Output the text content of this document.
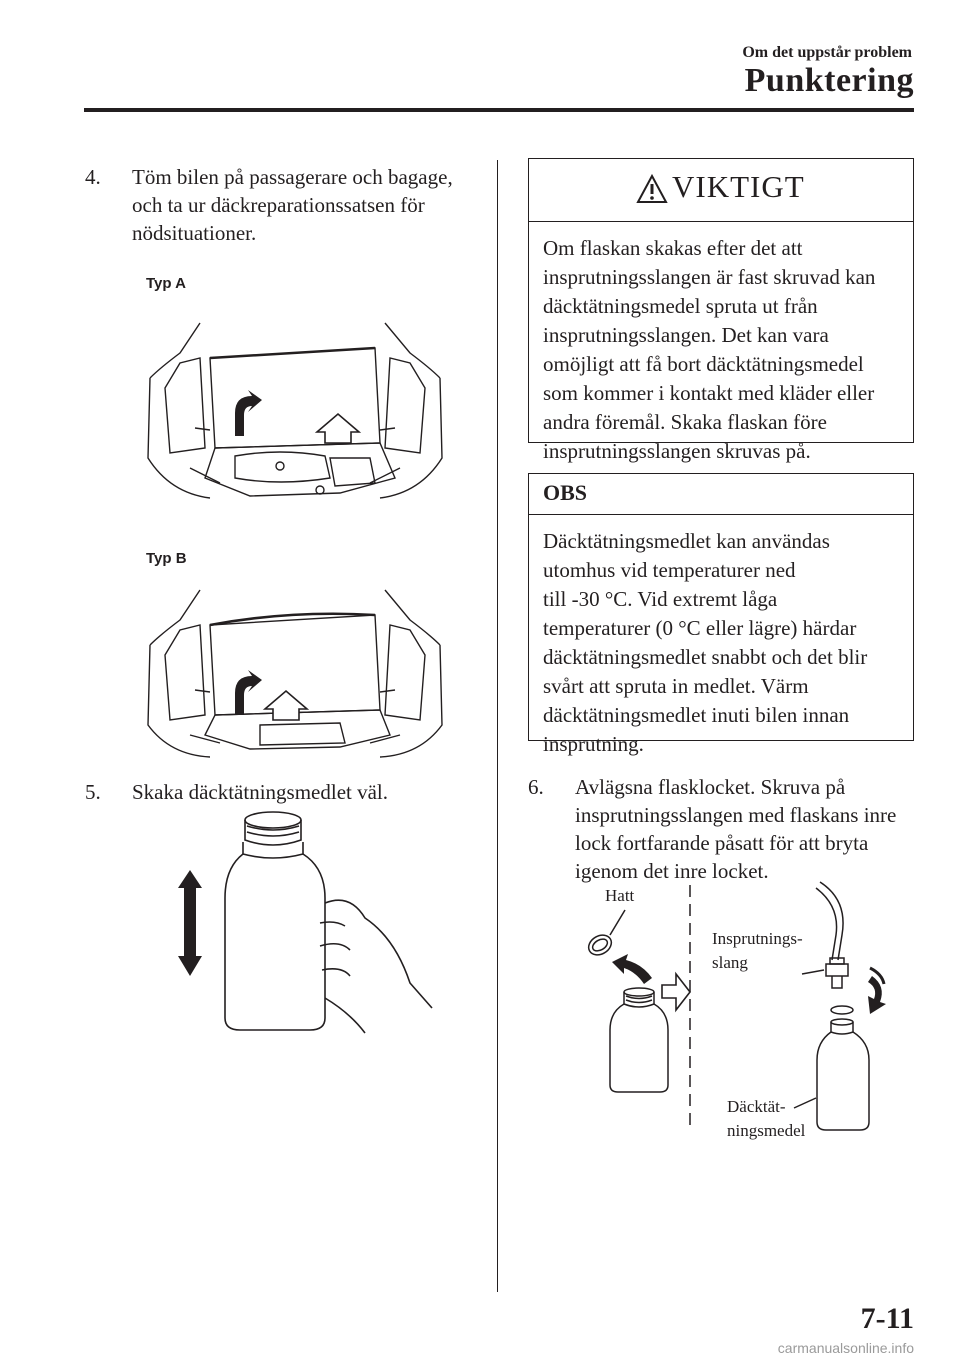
Om det uppstår problem
Punktering
4.	Töm bilen på passagerare och bagage,
och ta ur däckreparationssatsen för
nödsituationer.
Typ A
Typ B
5.	Skaka däcktätningsmedlet väl.
VIKTIGT
Om flaskan skakas efter det att
insprutningsslangen är fast skruvad kan
däcktätningsmedel spruta ut från
insprutningsslangen. Det kan vara
omöjligt att få bort däcktätningsmedel
som kommer i kontakt med kläder eller
andra föremål. Skaka flaskan före
insprutningsslangen skruvas på.
OBS
Däcktätningsmedlet kan användas
utomhus vid temperaturer ned
till -30 °C. Vid extremt låga
temperaturer (0 °C eller lägre) härdar
däcktätningsmedlet snabbt och det blir
svårt att spruta in medlet. Värm
däcktätningsmedlet inuti bilen innan
insprutning.
6.	Avlägsna flasklocket. Skruva på
insprutningsslangen med flaskans inre
lock fortfarande påsatt för att bryta
igenom det inre locket.
Hatt
Insprutnings-
slang
Däcktät-
ningsmedel
7-11
carmanualsonline.info
